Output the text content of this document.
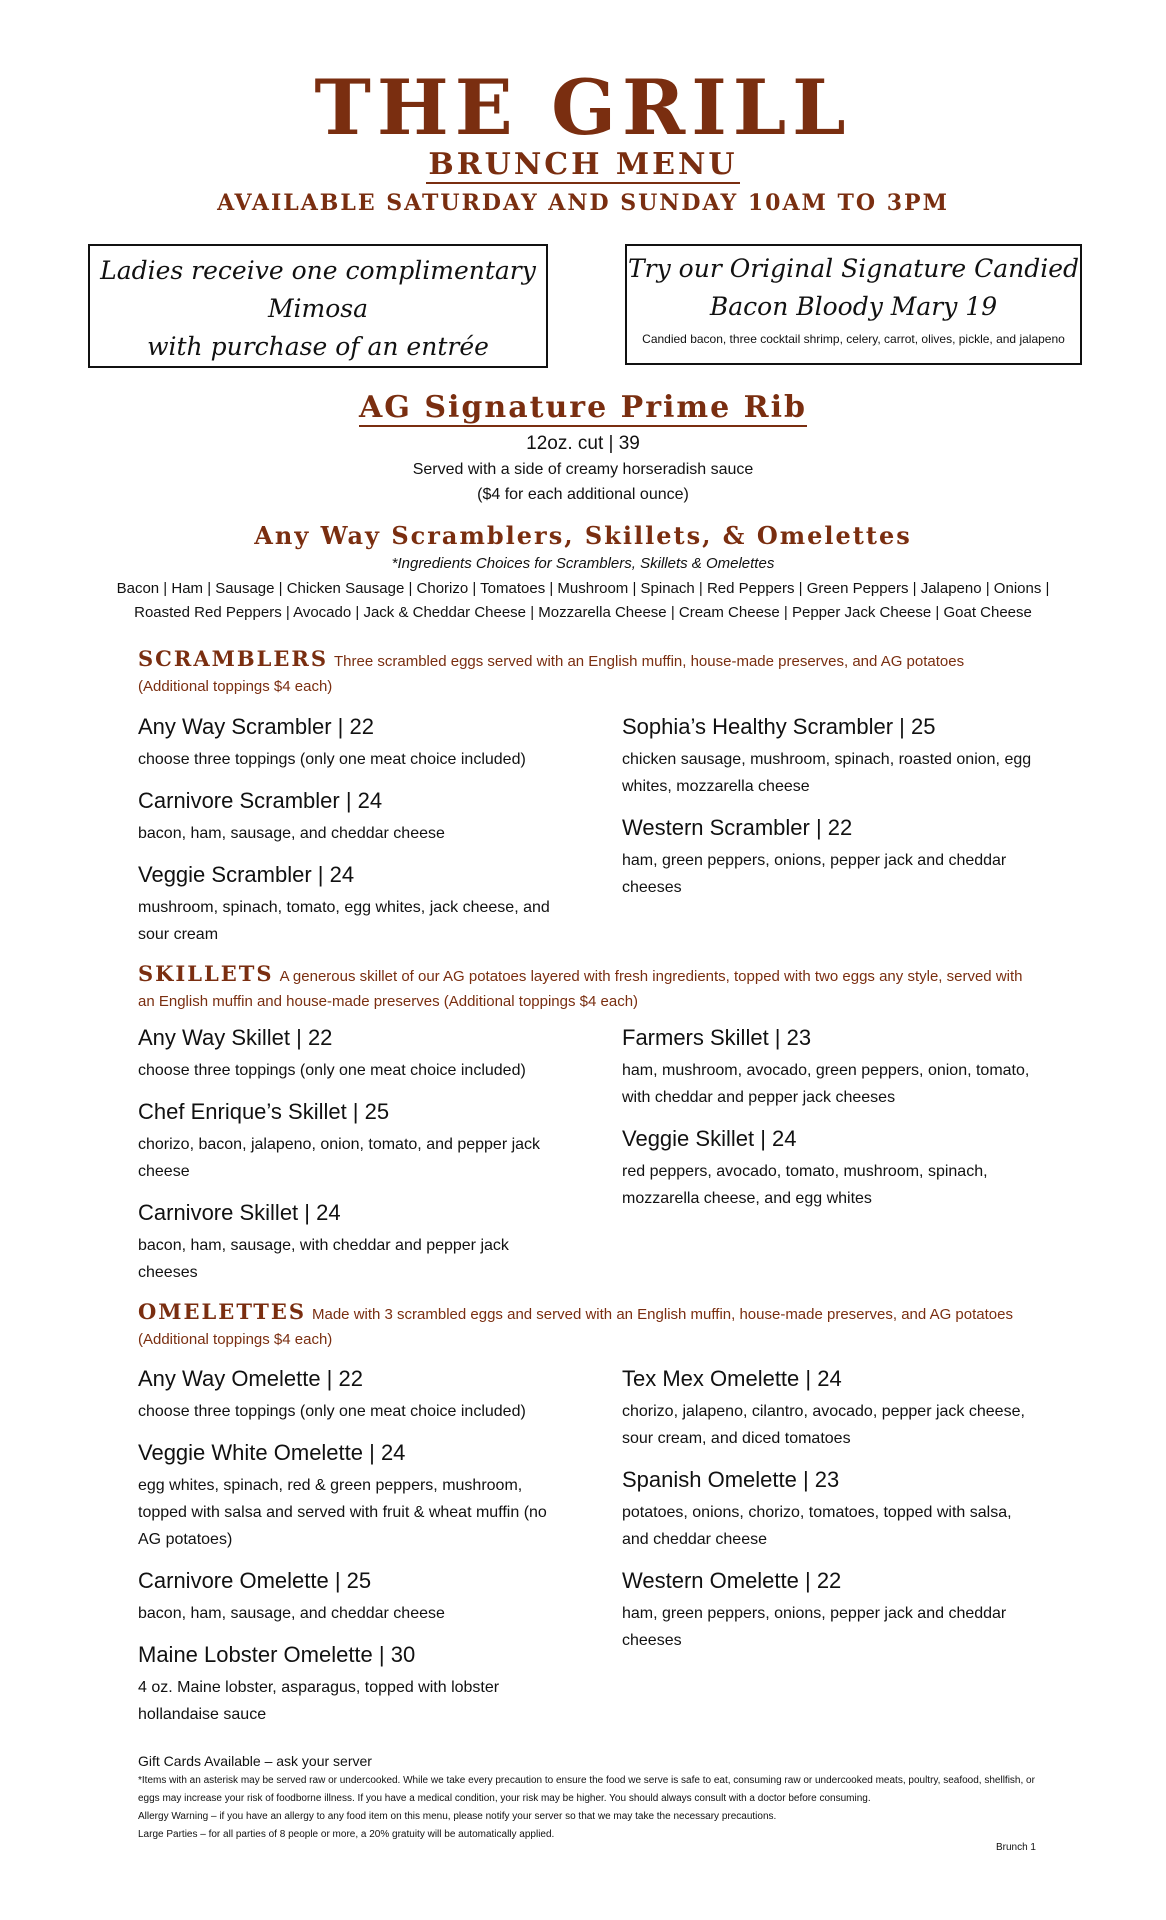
THE GRILL
BRUNCH MENU
AVAILABLE SATURDAY AND SUNDAY 10AM TO 3PM
Ladies receive one complimentary
Mimosa
with purchase of an entrée
Try our Original Signature Candied
Bacon Bloody Mary 19
Candied bacon, three cocktail shrimp, celery, carrot, olives, pickle, and jalapeno
AG Signature Prime Rib
12oz. cut | 39
Served with a side of creamy horseradish sauce
($4 for each additional ounce)
Any Way Scramblers, Skillets, & Omelettes
*Ingredients Choices for Scramblers, Skillets & Omelettes
Bacon | Ham | Sausage | Chicken Sausage | Chorizo | Tomatoes | Mushroom | Spinach | Red Peppers | Green Peppers | Jalapeno | Onions |
Roasted Red Peppers | Avocado | Jack & Cheddar Cheese | Mozzarella Cheese | Cream Cheese | Pepper Jack Cheese | Goat Cheese
SCRAMBLERS Three scrambled eggs served with an English muffin, house-made preserves, and AG potatoes (Additional toppings $4 each)
Any Way Scrambler | 22
choose three toppings (only one meat choice included)
Carnivore Scrambler | 24
bacon, ham, sausage, and cheddar cheese
Veggie Scrambler | 24
mushroom, spinach, tomato, egg whites, jack cheese, and sour cream
Sophia’s Healthy Scrambler | 25
chicken sausage, mushroom, spinach, roasted onion, egg whites, mozzarella cheese
Western Scrambler | 22
ham, green peppers, onions, pepper jack and cheddar cheeses
SKILLETS A generous skillet of our AG potatoes layered with fresh ingredients, topped with two eggs any style, served with an English muffin and house-made preserves (Additional toppings $4 each)
Any Way Skillet | 22
choose three toppings (only one meat choice included)
Chef Enrique’s Skillet | 25
chorizo, bacon, jalapeno, onion, tomato, and pepper jack cheese
Carnivore Skillet | 24
bacon, ham, sausage, with cheddar and pepper jack cheeses
Farmers Skillet | 23
ham, mushroom, avocado, green peppers, onion, tomato, with cheddar and pepper jack cheeses
Veggie Skillet | 24
red peppers, avocado, tomato, mushroom, spinach, mozzarella cheese, and egg whites
OMELETTES Made with 3 scrambled eggs and served with an English muffin, house-made preserves, and AG potatoes (Additional toppings $4 each)
Any Way Omelette | 22
choose three toppings (only one meat choice included)
Veggie White Omelette | 24
egg whites, spinach, red & green peppers, mushroom, topped with salsa and served with fruit & wheat muffin (no AG potatoes)
Carnivore Omelette | 25
bacon, ham, sausage, and cheddar cheese
Maine Lobster Omelette | 30
4 oz. Maine lobster, asparagus, topped with lobster hollandaise sauce
Tex Mex Omelette | 24
chorizo, jalapeno, cilantro, avocado, pepper jack cheese, sour cream, and diced tomatoes
Spanish Omelette | 23
potatoes, onions, chorizo, tomatoes, topped with salsa, and cheddar cheese
Western Omelette | 22
ham, green peppers, onions, pepper jack and cheddar cheeses
Gift Cards Available – ask your server
*Items with an asterisk may be served raw or undercooked. While we take every precaution to ensure the food we serve is safe to eat, consuming raw or undercooked meats, poultry, seafood, shellfish, or eggs may increase your risk of foodborne illness. If you have a medical condition, your risk may be higher. You should always consult with a doctor before consuming.
Allergy Warning – if you have an allergy to any food item on this menu, please notify your server so that we may take the necessary precautions.
Large Parties – for all parties of 8 people or more, a 20% gratuity will be automatically applied.
Brunch 1
